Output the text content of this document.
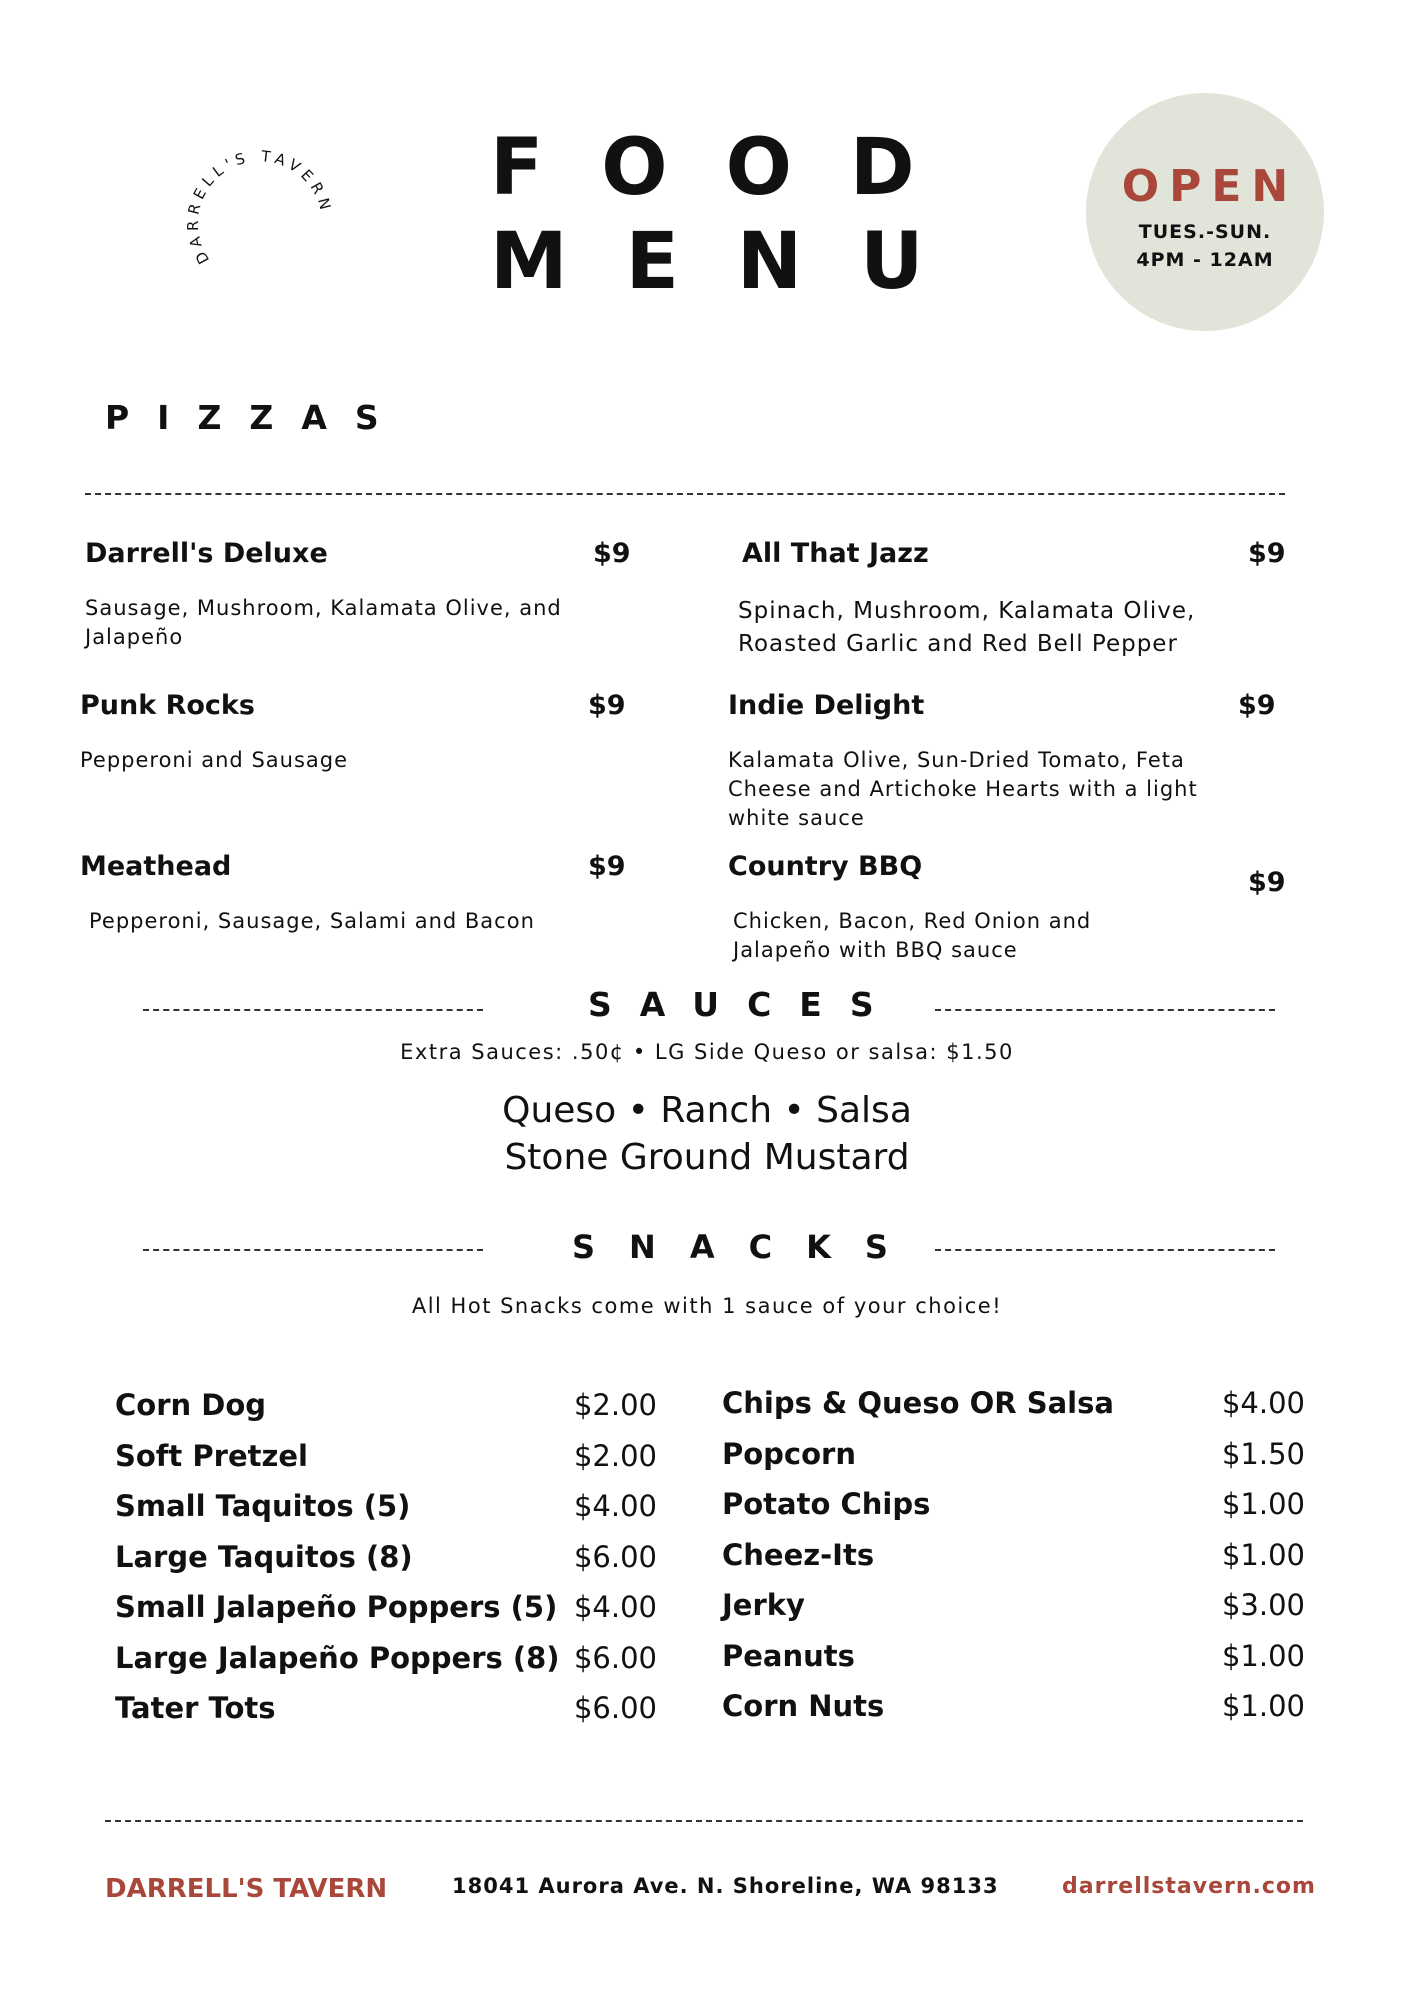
DARRELL'S TAVERN FOOD
MENU
OPEN
TUES.-SUN.
4PM - 12AM
PIZZAS
Darrell's Deluxe	$9
Sausage, Mushroom, Kalamata Olive, and Jalapeño
All That Jazz	$9
Spinach, Mushroom, Kalamata Olive, Roasted Garlic and Red Bell Pepper
Punk Rocks	$9
Pepperoni and Sausage
Indie Delight	$9
Kalamata Olive, Sun-Dried Tomato, Feta Cheese and Artichoke Hearts with a light white sauce
Meathead	$9
Pepperoni, Sausage, Salami and Bacon
Country BBQ
$9
Chicken, Bacon, Red Onion and Jalapeño with BBQ sauce
SAUCES
Extra Sauces: .50¢ • LG Side Queso or salsa: $1.50
Queso • Ranch • Salsa
Stone Ground Mustard
SNACKS
All Hot Snacks come with 1 sauce of your choice!
Corn Dog	$2.00
Soft Pretzel	$2.00
Small Taquitos (5)	$4.00
Large Taquitos (8)	$6.00
Small Jalapeño Poppers (5) $4.00
Large Jalapeño Poppers (8) $6.00
Tater Tots	$6.00
Chips & Queso OR Salsa	$4.00
Popcorn	$1.50
Potato Chips	$1.00
Cheez-Its	$1.00
Jerky	$3.00
Peanuts	$1.00
Corn Nuts	$1.00
DARRELL'S TAVERN	18041 Aurora Ave. N. Shoreline, WA 98133	darrellstavern.com
